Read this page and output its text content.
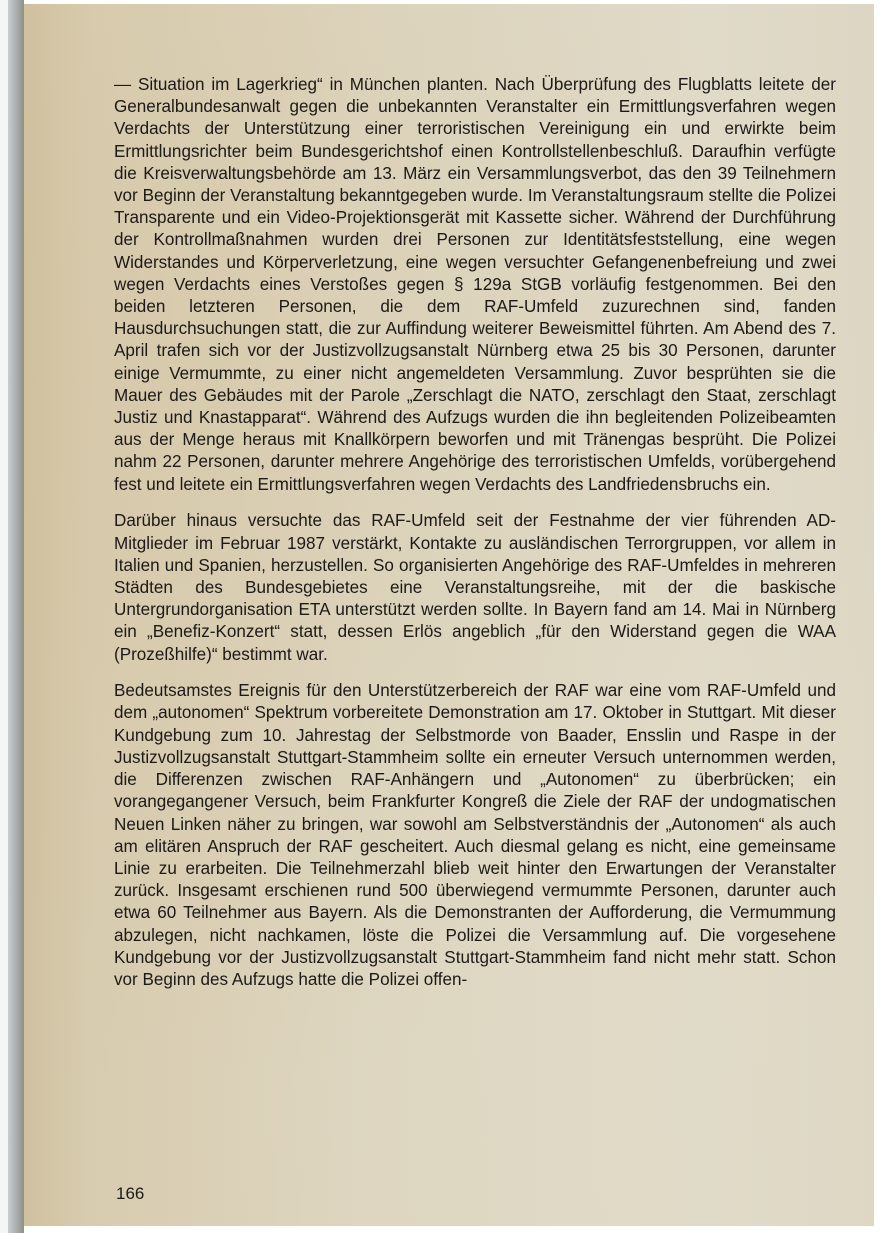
— Situation im Lagerkrieg“ in München planten. Nach Überprüfung des Flugblatts leitete der Generalbundesanwalt gegen die unbekannten Veranstalter ein Ermittlungsverfahren wegen Verdachts der Unterstützung einer terroristischen Vereinigung ein und erwirkte beim Ermittlungsrichter beim Bundesgerichtshof einen Kontrollstellenbeschluß. Daraufhin verfügte die Kreisverwaltungsbehörde am 13. März ein Versammlungsverbot, das den 39 Teilnehmern vor Beginn der Veranstaltung bekanntgegeben wurde. Im Veranstaltungsraum stellte die Polizei Transparente und ein Video-Projektionsgerät mit Kassette sicher. Während der Durchführung der Kontrollmaßnahmen wurden drei Personen zur Identitätsfeststellung, eine wegen Widerstandes und Körperverletzung, eine wegen versuchter Gefangenenbefreiung und zwei wegen Verdachts eines Verstoßes gegen § 129a StGB vorläufig festgenommen. Bei den beiden letzteren Personen, die dem RAF-Umfeld zuzurechnen sind, fanden Hausdurchsuchungen statt, die zur Auffindung weiterer Beweismittel führten. Am Abend des 7. April trafen sich vor der Justizvollzugsanstalt Nürnberg etwa 25 bis 30 Personen, darunter einige Vermummte, zu einer nicht angemeldeten Versammlung. Zuvor besprühten sie die Mauer des Gebäudes mit der Parole „Zerschlagt die NATO, zerschlagt den Staat, zerschlagt Justiz und Knastapparat“. Während des Aufzugs wurden die ihn begleitenden Polizeibeamten aus der Menge heraus mit Knallkörpern beworfen und mit Tränengas besprüht. Die Polizei nahm 22 Personen, darunter mehrere Angehörige des terroristischen Umfelds, vorübergehend fest und leitete ein Ermittlungsverfahren wegen Verdachts des Landfriedensbruchs ein.

Darüber hinaus versuchte das RAF-Umfeld seit der Festnahme der vier führenden AD-Mitglieder im Februar 1987 verstärkt, Kontakte zu ausländischen Terrorgruppen, vor allem in Italien und Spanien, herzustellen. So organisierten Angehörige des RAF-Umfeldes in mehreren Städten des Bundesgebietes eine Veranstaltungsreihe, mit der die baskische Untergrundorganisation ETA unterstützt werden sollte. In Bayern fand am 14. Mai in Nürnberg ein „Benefiz-Konzert“ statt, dessen Erlös angeblich „für den Widerstand gegen die WAA (Prozeßhilfe)“ bestimmt war.

Bedeutsamstes Ereignis für den Unterstützerbereich der RAF war eine vom RAF-Umfeld und dem „autonomen“ Spektrum vorbereitete Demonstration am 17. Oktober in Stuttgart. Mit dieser Kundgebung zum 10. Jahrestag der Selbstmorde von Baader, Ensslin und Raspe in der Justizvollzugsanstalt Stuttgart-Stammheim sollte ein erneuter Versuch unternommen werden, die Differenzen zwischen RAF-Anhängern und „Autonomen“ zu überbrücken; ein vorangegangener Versuch, beim Frankfurter Kongreß die Ziele der RAF der undogmatischen Neuen Linken näher zu bringen, war sowohl am Selbstverständnis der „Autonomen“ als auch am elitären Anspruch der RAF gescheitert. Auch diesmal gelang es nicht, eine gemeinsame Linie zu erarbeiten. Die Teilnehmerzahl blieb weit hinter den Erwartungen der Veranstalter zurück. Insgesamt erschienen rund 500 überwiegend vermummte Personen, darunter auch etwa 60 Teilnehmer aus Bayern. Als die Demonstranten der Aufforderung, die Vermummung abzulegen, nicht nachkamen, löste die Polizei die Versammlung auf. Die vorgesehene Kundgebung vor der Justizvollzugsanstalt Stuttgart-Stammheim fand nicht mehr statt. Schon vor Beginn des Aufzugs hatte die Polizei offen-

166
